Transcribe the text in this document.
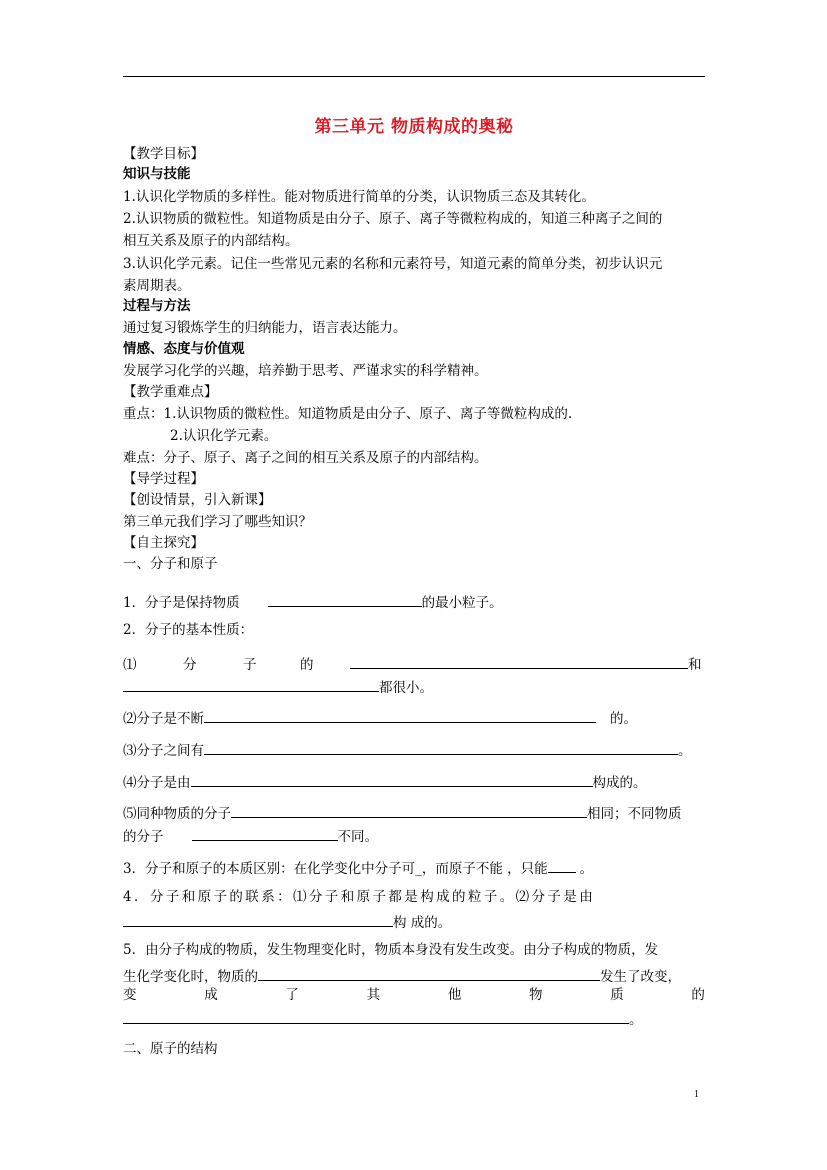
第三单元 物质构成的奥秘
【教学目标】
知识与技能
1.认识化学物质的多样性。能对物质进行简单的分类，认识物质三态及其转化。
2.认识物质的微粒性。知道物质是由分子、原子、离子等微粒构成的，知道三种离子之间的
相互关系及原子的内部结构。
3.认识化学元素。记住一些常见元素的名称和元素符号，知道元素的简单分类，初步认识元
素周期表。
过程与方法
通过复习锻炼学生的归纳能力，语言表达能力。
情感、态度与价值观
发展学习化学的兴趣，培养勤于思考、严谨求实的科学精神。
【教学重难点】
重点：1.认识物质的微粒性。知道物质是由分子、原子、离子等微粒构成的.
2.认识化学元素。
难点：分子、原子、离子之间的相互关系及原子的内部结构。
【导学过程】
【创设情景，引入新课】
第三单元我们学习了哪些知识？
【自主探究】
一、分子和原子
1．分子是保持物质	的最小粒子。
2．分子的基本性质：
⑴	分	子	的	和
都很小。
⑵分子是不断	的。
⑶分子之间有	。
⑷分子是由	构成的。
⑸同种物质的分子	相同；不同物质
的分子	不同。
3．分子和原子的本质区别：在化学变化中分子可_，而原子不能 ，只能 。
4．分子和原子的联系：⑴分子和原子都是构成的粒子。⑵分子是由
构 成的。
5．由分子构成的物质，发生物理变化时，物质本身没有发生改变。由分子构成的物质，发
生化学变化时，物质的	发生了改变，
变	成	了	其	他	物	质	的
。
二、原子的结构
1
